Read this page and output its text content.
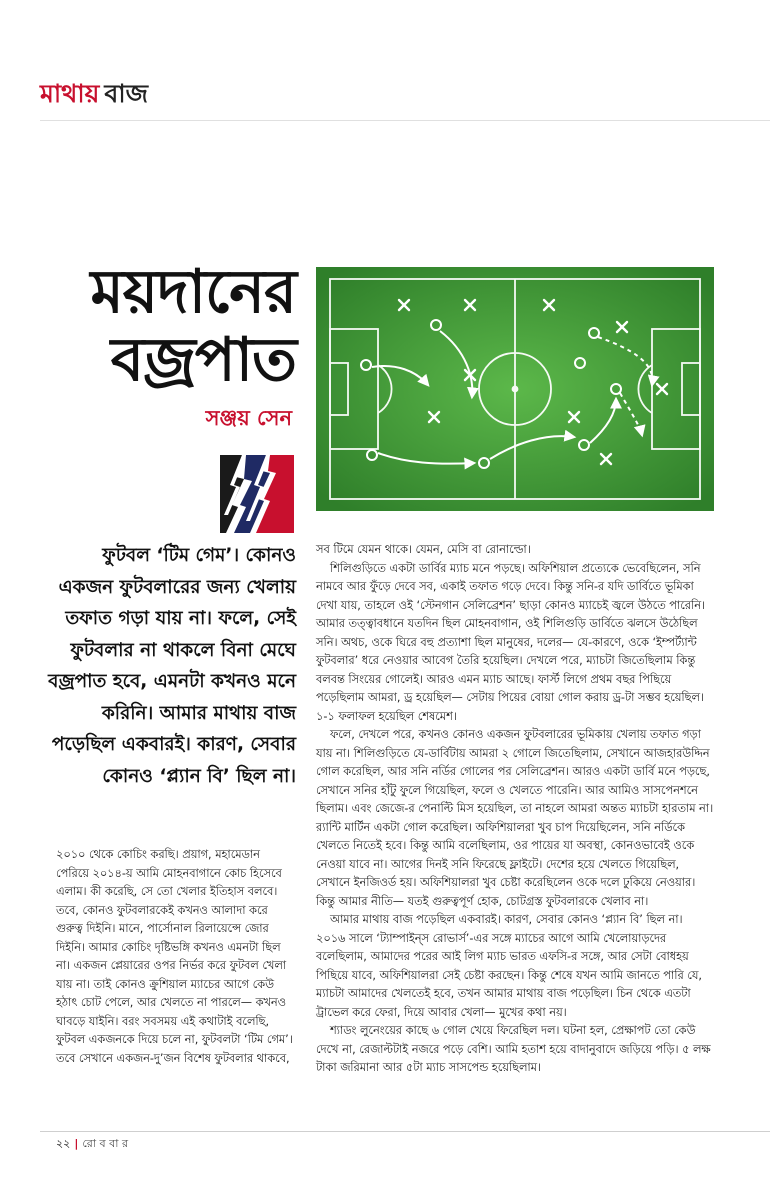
মাথায় বাজ
ময়দানের
বজ্রপাত
সঞ্জয় সেন

ফুটবল ‘টিম গেম’। কোনও একজন ফুটবলারের জন্য খেলায় তফাত গড়া যায় না। ফলে, সেই ফুটবলার না থাকলে বিনা মেঘে বজ্রপাত হবে, এমনটা কখনও মনে করিনি। আমার মাথায় বাজ পড়েছিল একবারই। কারণ, সেবার কোনও ‘প্ল্যান বি’ ছিল না।

২০১০ থেকে কোচিং করছি। প্রয়াগ, মহামেডান পেরিয়ে ২০১৪-য় আমি মোহনবাগানে কোচ হিসেবে এলাম। কী করেছি, সে তো খেলার ইতিহাস বলবে। তবে, কোনও ফুটবলারকেই কখনও আলাদা করে গুরুত্ব দিইনি। মানে, পার্সোনাল রিলায়েন্সে জোর দিইনি। আমার কোচিং দৃষ্টিভঙ্গি কখনও এমনটা ছিল না। একজন প্লেয়ারের ওপর নির্ভর করে ফুটবল খেলা যায় না। তাই কোনও ক্রুশিয়াল ম্যাচের আগে কেউ হঠাৎ চোট পেলে, আর খেলতে না পারলে— কখনও ঘাবড়ে যাইনি। বরং সবসময় এই কথাটাই বলেছি, ফুটবল একজনকে দিয়ে চলে না, ফুটবলটা ‘টিম গেম’। তবে সেখানে একজন-দু’জন বিশেষ ফুটবলার থাকবে,

সব টিমে যেমন থাকে। যেমন, মেসি বা রোনাল্ডো।

শিলিগুড়িতে একটা ডার্বির ম্যাচ মনে পড়ছে। অফিশিয়াল প্রত্যেকে ভেবেছিলেন, সনি নামবে আর ফুঁড়ে দেবে সব, একাই তফাত গড়ে দেবে। কিন্তু সনি-র যদি ডার্বিতে ভূমিকা দেখা যায়, তাহলে ওই ‘স্টেনগান সেলিব্রেশন’ ছাড়া কোনও ম্যাচেই জ্বলে উঠতে পারেনি। আমার তত্ত্বাবধানে যতদিন ছিল মোহনবাগান, ওই শিলিগুড়ি ডার্বিতে ঝলসে উঠেছিল সনি। অথচ, ওকে ঘিরে বহু প্রত্যাশা ছিল মানুষের, দলের— যে-কারণে, ওকে ‘ইম্পর্ট্যান্ট ফুটবলার’ ধরে নেওয়ার আবেগ তৈরি হয়েছিল। দেখলে পরে, ম্যাচটা জিতেছিলাম কিন্তু বলবন্ত সিংয়ের গোলেই। আরও এমন ম্যাচ আছে। ফার্স্ট লিগে প্রথম বছর পিছিয়ে পড়েছিলাম আমরা, ড্র হয়েছিল— সেটায় পিয়ের বোয়া গোল করায় ড্র-টা সম্ভব হয়েছিল। ১-১ ফলাফল হয়েছিল শেষমেশ।

ফলে, দেখলে পরে, কখনও কোনও একজন ফুটবলারের ভূমিকায় খেলায় তফাত গড়া যায় না। শিলিগুড়িতে যে-ডার্বিটায় আমরা ২ গোলে জিতেছিলাম, সেখানে আজহারউদ্দিন গোল করেছিল, আর সনি নর্ডির গোলের পর সেলিব্রেশন। আরও একটা ডার্বি মনে পড়ছে, সেখানে সনির হাঁটু ফুলে গিয়েছিল, ফলে ও খেলতে পারেনি। আর আমিও সাসপেনশনে ছিলাম। এবং জেজে-র পেনাল্টি মিস হয়েছিল, তা নাহলে আমরা অন্তত ম্যাচটা হারতাম না। র‍্যান্টি মার্টিন একটা গোল করেছিল। অফিশিয়ালরা খুব চাপ দিয়েছিলেন, সনি নর্ডিকে খেলতে নিতেই হবে। কিন্তু আমি বলেছিলাম, ওর পায়ের যা অবস্থা, কোনওভাবেই ওকে নেওয়া যাবে না। আগের দিনই সনি ফিরেছে ফ্লাইটে। দেশের হয়ে খেলতে গিয়েছিল, সেখানে ইনজিওর্ড হয়। অফিশিয়ালরা খুব চেষ্টা করেছিলেন ওকে দলে ঢুকিয়ে নেওয়ার। কিন্তু আমার নীতি— যতই গুরুত্বপূর্ণ হোক, চোটগ্রস্ত ফুটবলারকে খেলাব না।

আমার মাথায় বাজ পড়েছিল একবারই। কারণ, সেবার কোনও ‘প্ল্যান বি’ ছিল না। ২০১৬ সালে ‘ট্যাম্পাইন্‌স রোভার্স’-এর সঙ্গে ম্যাচের আগে আমি খেলোয়াড়দের বলেছিলাম, আমাদের পরের আই লিগ ম্যাচ ভারত এফসি-র সঙ্গে, আর সেটা বোধহয় পিছিয়ে যাবে, অফিশিয়ালরা সেই চেষ্টা করছেন। কিন্তু শেষে যখন আমি জানতে পারি যে, ম্যাচটা আমাদের খেলতেই হবে, তখন আমার মাথায় বাজ পড়েছিল। চিন থেকে এতটা ট্রাভেল করে ফেরা, দিয়ে আবার খেলা— মুখের কথা নয়।

শ্যাডং লুনেংয়ের কাছে ৬ গোল খেয়ে ফিরেছিল দল। ঘটনা হল, প্রেক্ষাপট তো কেউ দেখে না, রেজাল্টটাই নজরে পড়ে বেশি। আমি হতাশ হয়ে বাদানুবাদে জড়িয়ে পড়ি। ৫ লক্ষ টাকা জরিমানা আর ৫টা ম্যাচ সাসপেন্ড হয়েছিলাম।

২২ | রো ব বা র
